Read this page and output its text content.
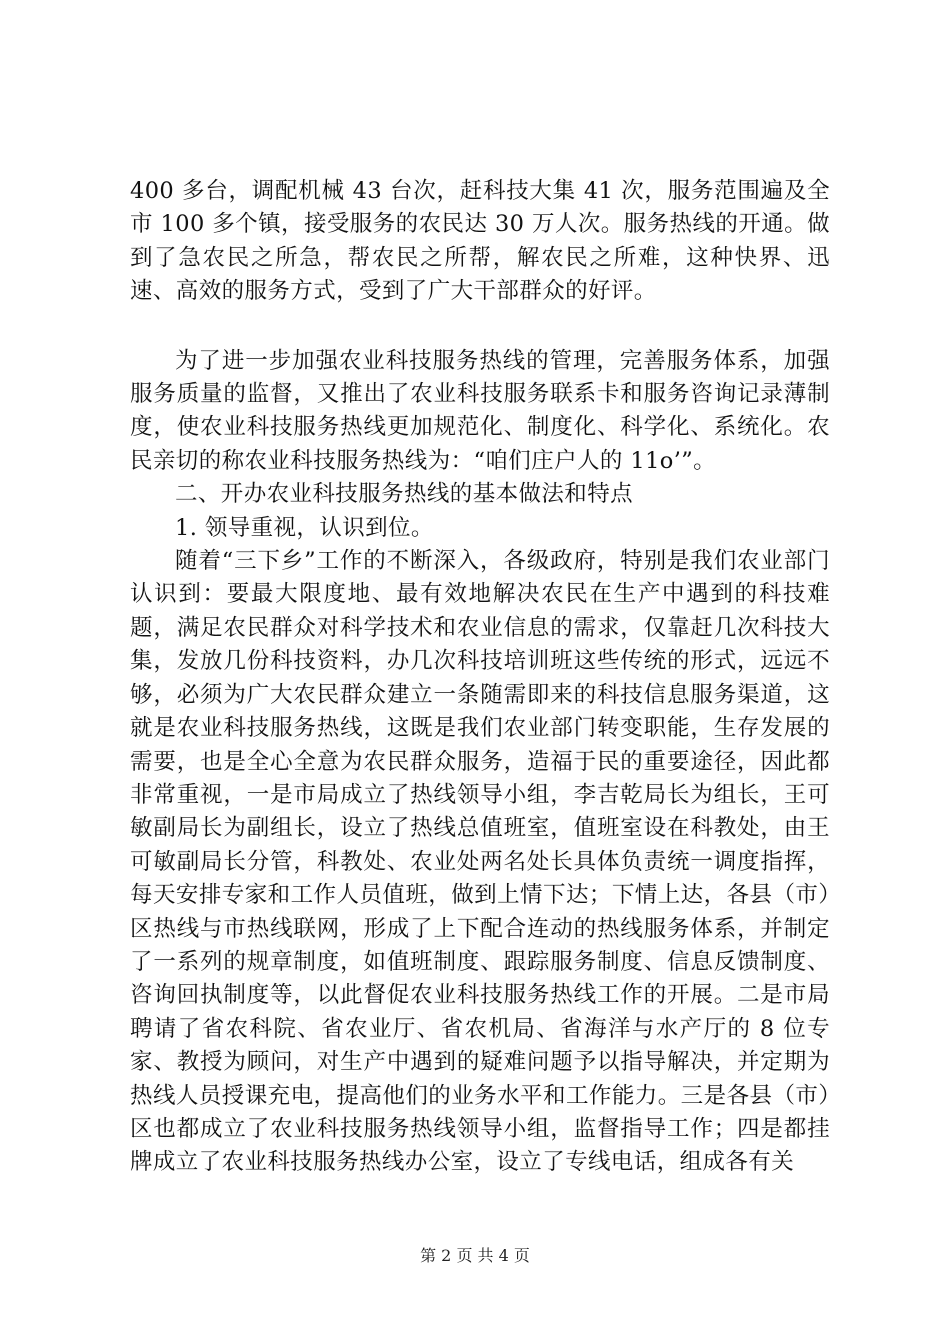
400 多台，调配机械 43 台次，赶科技大集 41 次，服务范围遍及全市 100 多个镇，接受服务的农民达 30 万人次。服务热线的开通。做到了急农民之所急，帮农民之所帮，解农民之所难，这种快界、迅速、高效的服务方式，受到了广大干部群众的好评。

为了进一步加强农业科技服务热线的管理，完善服务体系，加强服务质量的监督，又推出了农业科技服务联系卡和服务咨询记录薄制度，使农业科技服务热线更加规范化、制度化、科学化、系统化。农民亲切的称农业科技服务热线为：“咱们庄户人的 11o’”。

二、开办农业科技服务热线的基本做法和特点

1. 领导重视，认识到位。

随着“三下乡”工作的不断深入，各级政府，特别是我们农业部门认识到：要最大限度地、最有效地解决农民在生产中遇到的科技难题，满足农民群众对科学技术和农业信息的需求，仅靠赶几次科技大集，发放几份科技资料，办几次科技培训班这些传统的形式，远远不够，必须为广大农民群众建立一条随需即来的科技信息服务渠道，这就是农业科技服务热线，这既是我们农业部门转变职能，生存发展的需要，也是全心全意为农民群众服务，造福于民的重要途径，因此都非常重视，一是市局成立了热线领导小组，李吉乾局长为组长，王可敏副局长为副组长，设立了热线总值班室，值班室设在科教处，由王可敏副局长分管，科教处、农业处两名处长具体负责统一调度指挥，每天安排专家和工作人员值班，做到上情下达；下情上达，各县（市）区热线与市热线联网，形成了上下配合连动的热线服务体系，并制定了一系列的规章制度，如值班制度、跟踪服务制度、信息反馈制度、咨询回执制度等，以此督促农业科技服务热线工作的开展。二是市局聘请了省农科院、省农业厅、省农机局、省海洋与水产厅的 8 位专家、教授为顾问，对生产中遇到的疑难问题予以指导解决，并定期为热线人员授课充电，提高他们的业务水平和工作能力。三是各县（市）区也都成立了农业科技服务热线领导小组，监督指导工作；四是都挂牌成立了农业科技服务热线办公室，设立了专线电话，组成各有关

第 2 页 共 4 页
